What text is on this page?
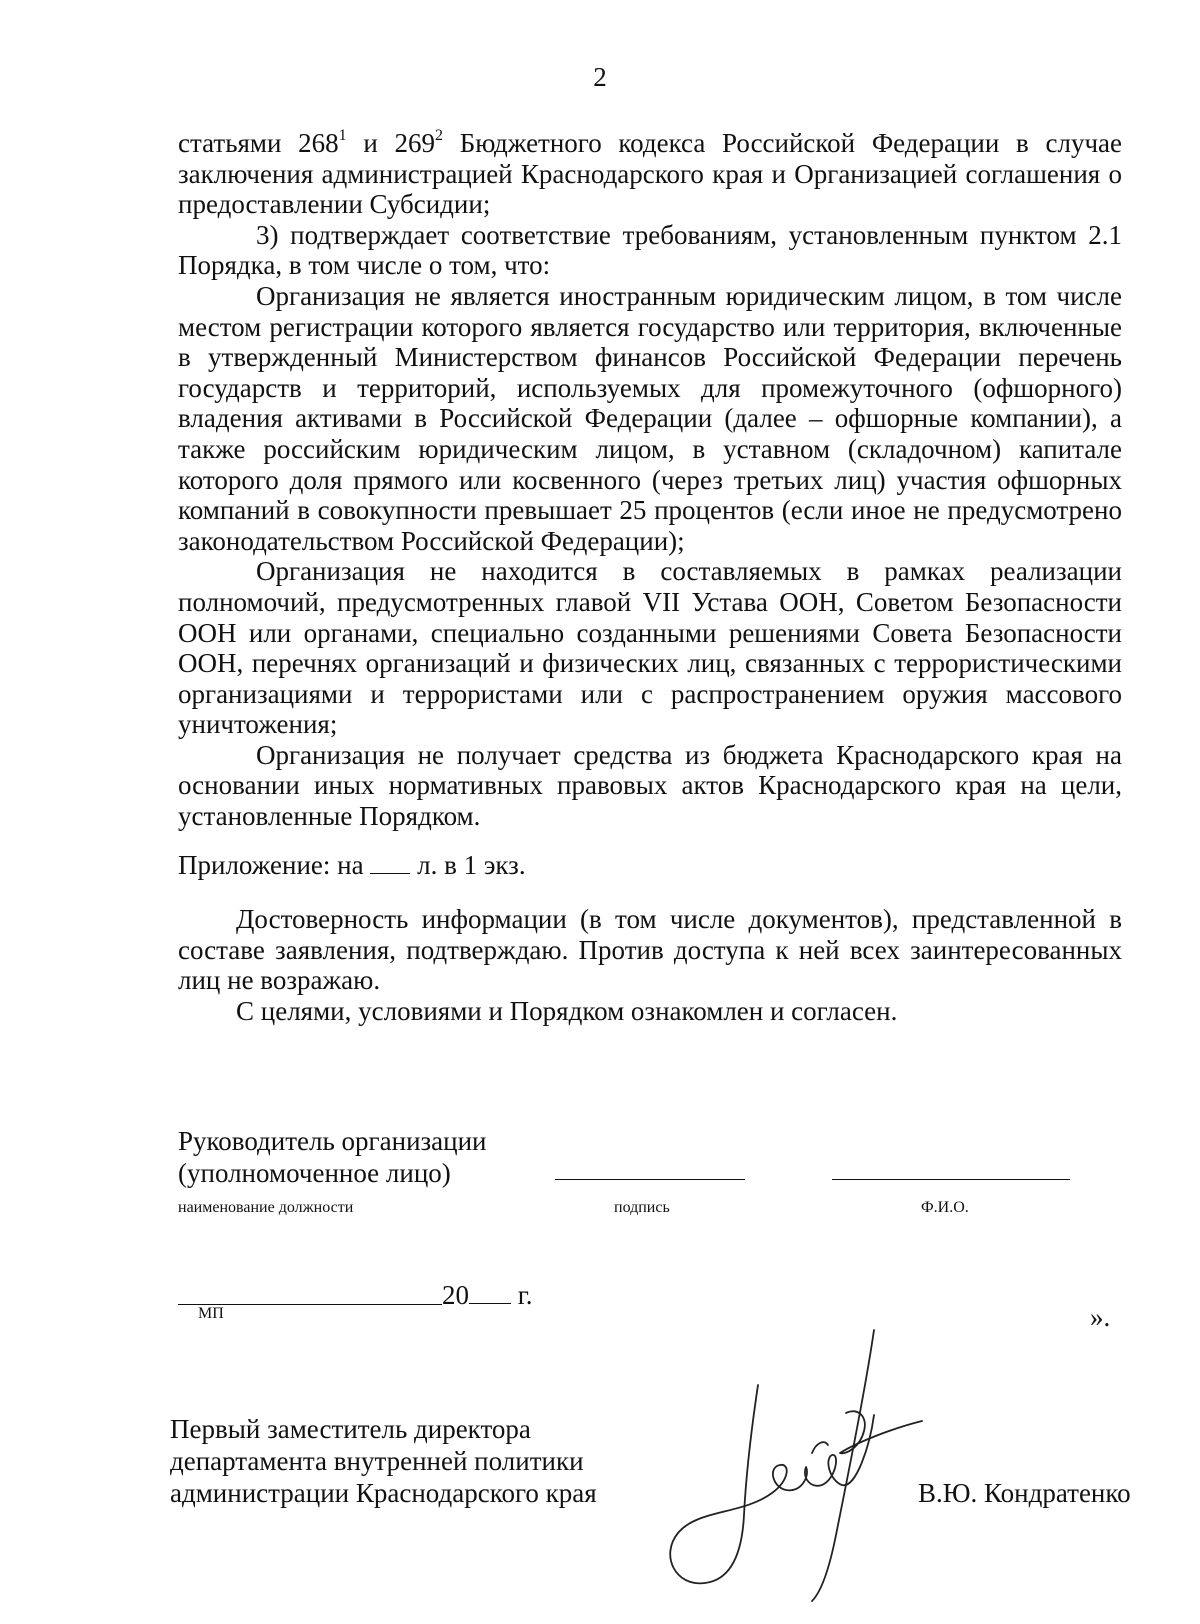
2

статьями $268^1$ и $269^2$ Бюджетного кодекса Российской Федерации в случае заключения администрацией Краснодарского края и Организацией соглашения о предоставлении Субсидии;

3) подтверждает соответствие требованиям, установленным пунктом 2.1 Порядка, в том числе о том, что:

Организация не является иностранным юридическим лицом, в том числе местом регистрации которого является государство или территория, включенные в утвержденный Министерством финансов Российской Федерации перечень государств и территорий, используемых для промежуточного (офшорного) владения активами в Российской Федерации (далее – офшорные компании), а также российским юридическим лицом, в уставном (складочном) капитале которого доля прямого или косвенного (через третьих лиц) участия офшорных компаний в совокупности превышает 25 процентов (если иное не предусмотрено законодательством Российской Федерации);

Организация не находится в составляемых в рамках реализации полномочий, предусмотренных главой VII Устава ООН, Советом Безопасности ООН или органами, специально созданными решениями Совета Безопасности ООН, перечнях организаций и физических лиц, связанных с террористическими организациями и террористами или с распространением оружия массового уничтожения;

Организация не получает средства из бюджета Краснодарского края на основании иных нормативных правовых актов Краснодарского края на цели, установленные Порядком.

Приложение: на  л. в 1 экз.

Достоверность информации (в том числе документов), представленной в составе заявления, подтверждаю. Против доступа к ней всех заинтересованных лиц не возражаю.

С целями, условиями и Порядком ознакомлен и согласен.

Руководитель организации
(уполномоченное лицо)
наименование должности	подпись	Ф.И.О.
20 г.
МП	».
Первый заместитель директора
департамента внутренней политики
администрации Краснодарского края	В.Ю. Кондратенко
